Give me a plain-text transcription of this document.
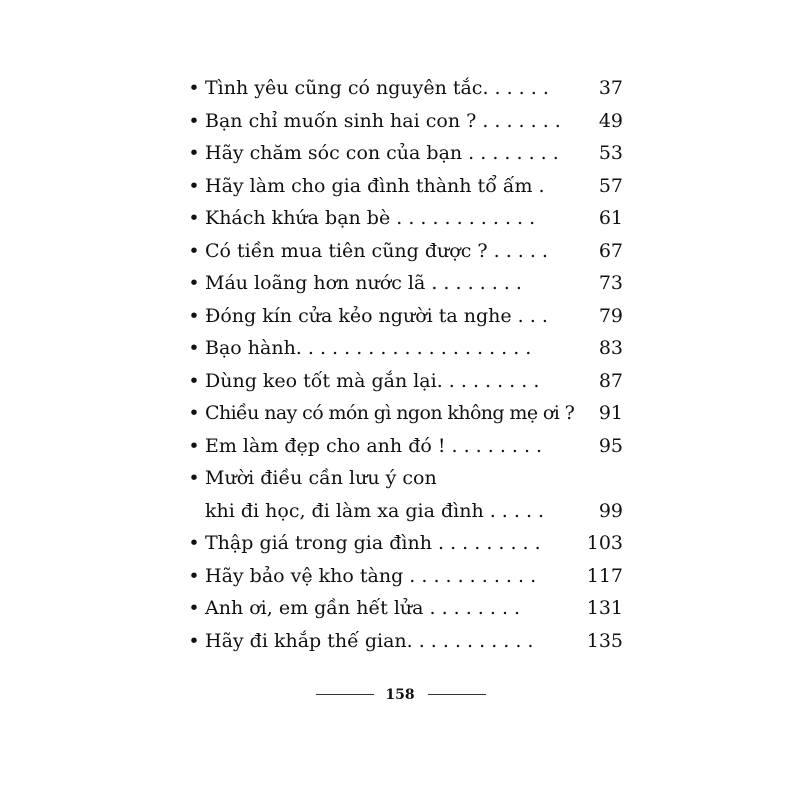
• Tình yêu cũng có nguyên tắc. . . . . .	37
• Bạn chỉ muốn sinh hai con ? . . . . . . . 49
• Hãy chăm sóc con của bạn . . . . . . . . 53
• Hãy làm cho gia đình thành tổ ấm .	57
• Khách khứa bạn bè . . . . . . . . . . . .	61
• Có tiền mua tiên cũng được ? . . . . .	67
• Máu loãng hơn nước lã . . . . . . . .	73
• Đóng kín cửa kẻo người ta nghe . . .	79
• Bạo hành. . . . . . . . . . . . . . . . . . . .	83
• Dùng keo tốt mà gắn lại. . . . . . . . .	87
• Chiều nay có món gì ngon không mẹ ơi ? 91
• Em làm đẹp cho anh đó ! . . . . . . . .	95
• Mười điều cần lưu ý con
khi đi học, đi làm xa gia đình . . . . .	99
• Thập giá trong gia đình . . . . . . . . . 103
• Hãy bảo vệ kho tàng . . . . . . . . . . .	117
• Anh ơi, em gần hết lửa . . . . . . . .	131
• Hãy đi khắp thế gian. . . . . . . . . . .	135
158
